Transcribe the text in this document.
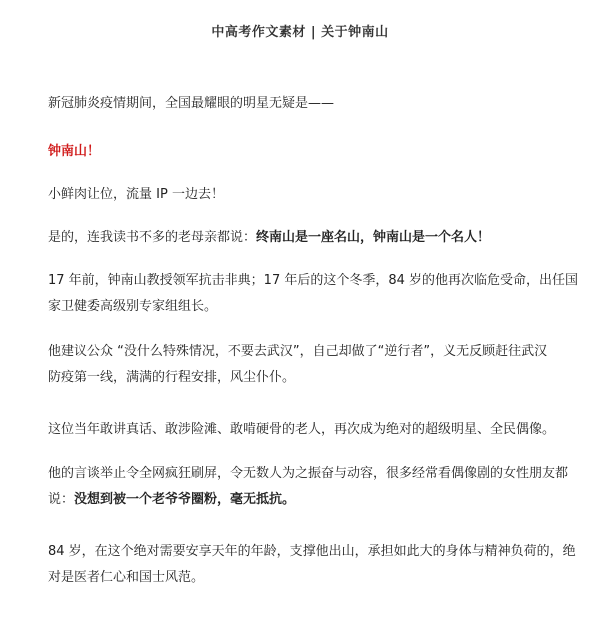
中高考作文素材 | 关于钟南山
新冠肺炎疫情期间，全国最耀眼的明星无疑是——
钟南山！
小鲜肉让位，流量 IP 一边去！
是的，连我读书不多的老母亲都说：终南山是一座名山，钟南山是一个名人！
17 年前，钟南山教授领军抗击非典；17 年后的这个冬季，84 岁的他再次临危受命，出任国
家卫健委高级别专家组组长。
他建议公众 “没什么特殊情况，不要去武汉”，自己却做了“逆行者”，义无反顾赶往武汉
防疫第一线，满满的行程安排，风尘仆仆。
这位当年敢讲真话、敢涉险滩、敢啃硬骨的老人，再次成为绝对的超级明星、全民偶像。
他的言谈举止令全网疯狂刷屏，令无数人为之振奋与动容，很多经常看偶像剧的女性朋友都
说：没想到被一个老爷爷圈粉，毫无抵抗。
84 岁，在这个绝对需要安享天年的年龄，支撑他出山，承担如此大的身体与精神负荷的，绝
对是医者仁心和国士风范。
